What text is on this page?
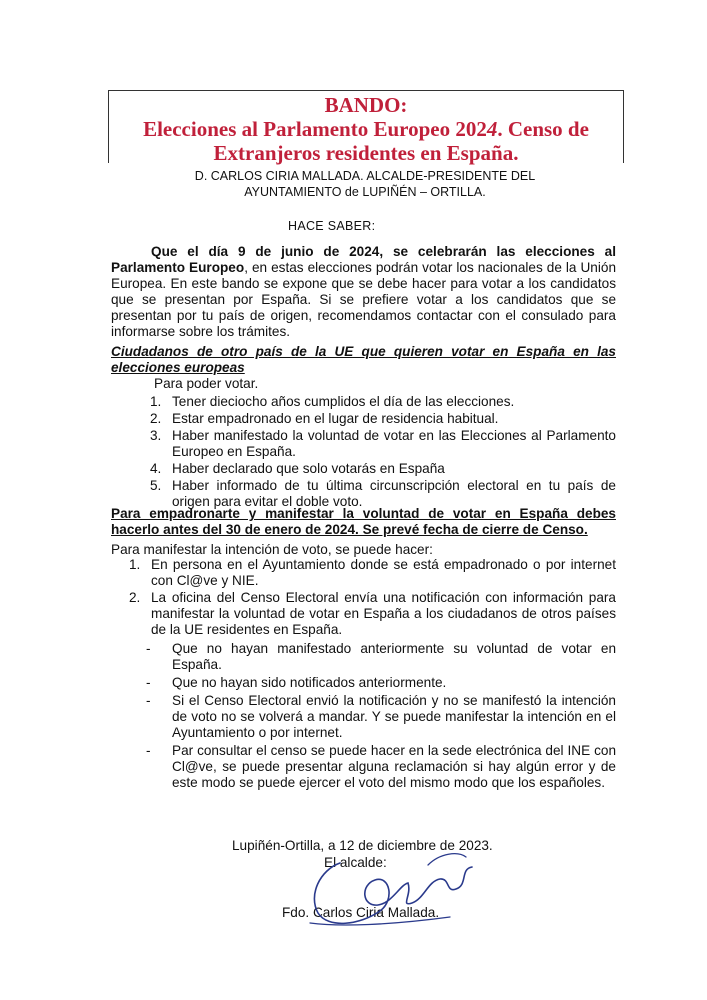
BANDO:
Elecciones al Parlamento Europeo 2024. Censo de
Extranjeros residentes en España.
D. CARLOS CIRIA MALLADA. ALCALDE-PRESIDENTE DEL
AYUNTAMIENTO de LUPIÑÉN – ORTILLA.
HACE SABER:
Que el día 9 de junio de 2024, se celebrarán las elecciones al Parlamento Europeo, en estas elecciones podrán votar los nacionales de la Unión Europea. En este bando se expone que se debe hacer para votar a los candidatos que se presentan por España. Si se prefiere votar a los candidatos que se presentan por tu país de origen, recomendamos contactar con el consulado para informarse sobre los trámites.
Ciudadanos de otro país de la UE que quieren votar en España en las elecciones europeas
Para poder votar.
1. Tener dieciocho años cumplidos el día de las elecciones.
2. Estar empadronado en el lugar de residencia habitual.
3. Haber manifestado la voluntad de votar en las Elecciones al Parlamento Europeo en España.
4. Haber declarado que solo votarás en España
5. Haber informado de tu última circunscripción electoral en tu país de origen para evitar el doble voto.
Para empadronarte y manifestar la voluntad de votar en España debes hacerlo antes del 30 de enero de 2024. Se prevé fecha de cierre de Censo.
Para manifestar la intención de voto, se puede hacer:
1. En persona en el Ayuntamiento donde se está empadronado o por internet con Cl@ve y NIE.
2. La oficina del Censo Electoral envía una notificación con información para manifestar la voluntad de votar en España a los ciudadanos de otros países de la UE residentes en España.
-	Que no hayan manifestado anteriormente su voluntad de votar en España.
-	Que no hayan sido notificados anteriormente.
-	Si el Censo Electoral envió la notificación y no se manifestó la intención de voto no se volverá a mandar. Y se puede manifestar la intención en el Ayuntamiento o por internet.
-	Par consultar el censo se puede hacer en la sede electrónica del INE con Cl@ve, se puede presentar alguna reclamación si hay algún error y de este modo se puede ejercer el voto del mismo modo que los españoles.
Lupiñén-Ortilla, a 12 de diciembre de 2023.
El alcalde:
Fdo. Carlos Ciria Mallada.
